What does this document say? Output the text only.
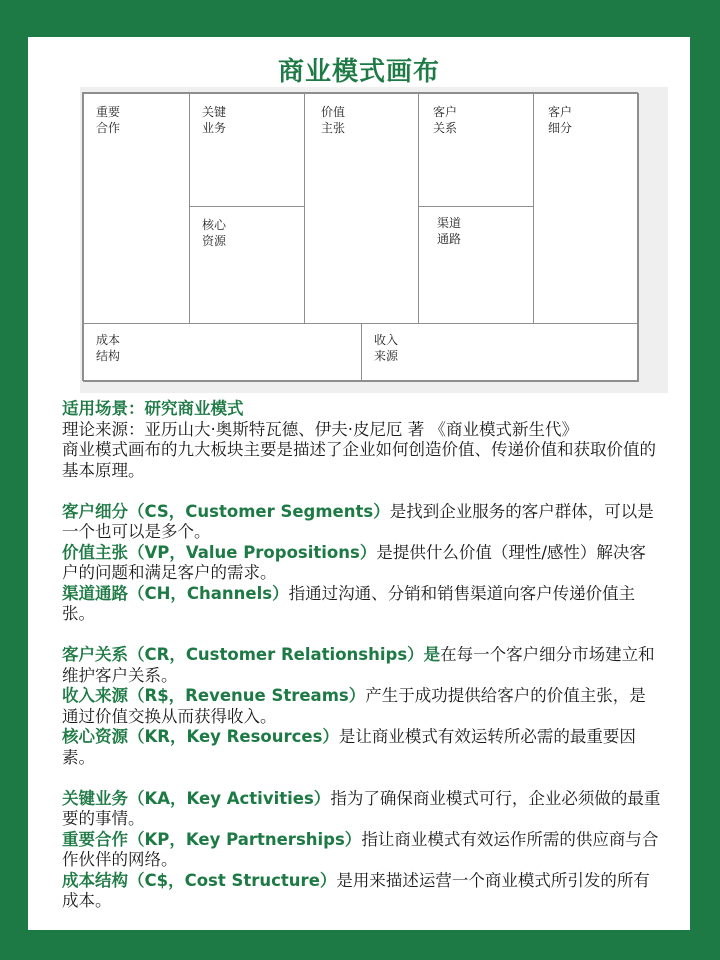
商业模式画布
重要
合作
关键
业务
核心
资源
价值
主张
客户
关系
渠道
通路
客户
细分
成本
结构
收入
来源

适用场景：研究商业模式

理论来源：亚历山大·奥斯特瓦德、伊夫·皮尼厄 著 《商业模式新生代》

商业模式画布的九大板块主要是描述了企业如何创造价值、传递价值和获取价值的基本原理。

客户细分（CS，Customer Segments）是找到企业服务的客户群体，可以是一个也可以是多个。

价值主张（VP，Value Propositions）是提供什么价值（理性/感性）解决客户的问题和满足客户的需求。

渠道通路（CH，Channels）指通过沟通、分销和销售渠道向客户传递价值主张。

客户关系（CR，Customer Relationships）是在每一个客户细分市场建立和维护客户关系。

收入来源（R$，Revenue Streams）产生于成功提供给客户的价值主张，是通过价值交换从而获得收入。

核心资源（KR，Key Resources）是让商业模式有效运转所必需的最重要因素。

关键业务（KA，Key Activities）指为了确保商业模式可行，企业必须做的最重要的事情。

重要合作（KP，Key Partnerships）指让商业模式有效运作所需的供应商与合作伙伴的网络。

成本结构（C$，Cost Structure）是用来描述运营一个商业模式所引发的所有成本。
